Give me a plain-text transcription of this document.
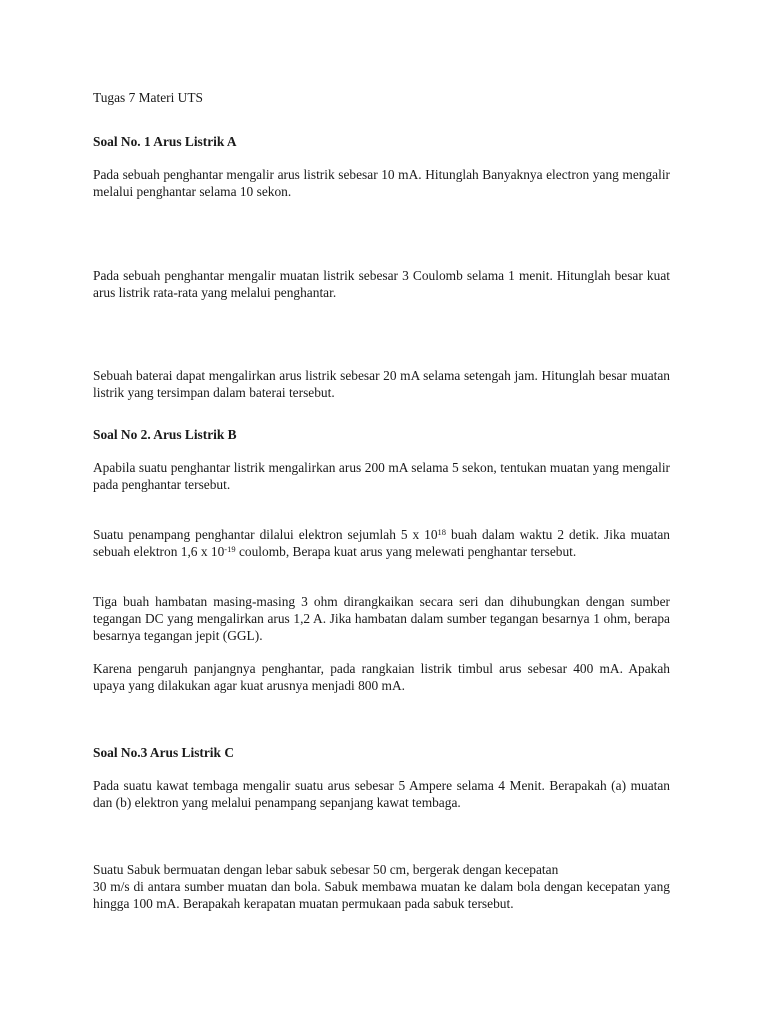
Tugas 7 Materi UTS

Soal No. 1 Arus Listrik A

Pada sebuah penghantar mengalir arus listrik sebesar 10 mA. Hitunglah Banyaknya electron yang mengalir melalui penghantar selama 10 sekon.

Pada sebuah penghantar mengalir muatan listrik sebesar 3 Coulomb selama 1 menit. Hitunglah besar kuat arus listrik rata-rata yang melalui penghantar.

Sebuah baterai dapat mengalirkan arus listrik sebesar 20 mA selama setengah jam. Hitunglah besar muatan listrik yang tersimpan dalam baterai tersebut.

Soal No 2. Arus Listrik B

Apabila suatu penghantar listrik mengalirkan arus 200 mA selama 5 sekon, tentukan muatan yang mengalir pada penghantar tersebut.

Suatu penampang penghantar dilalui elektron sejumlah 5 x $10^{18}$ buah dalam waktu 2 detik. Jika muatan sebuah elektron 1,6 x $10^{-19}$ coulomb, Berapa kuat arus yang melewati penghantar tersebut.

Tiga buah hambatan masing-masing 3 ohm dirangkaikan secara seri dan dihubungkan dengan sumber tegangan DC yang mengalirkan arus 1,2 A. Jika hambatan dalam sumber tegangan besarnya 1 ohm, berapa besarnya tegangan jepit (GGL).

Karena pengaruh panjangnya penghantar, pada rangkaian listrik timbul arus sebesar 400 mA. Apakah upaya yang dilakukan agar kuat arusnya menjadi 800 mA.

Soal No.3 Arus Listrik C

Pada suatu kawat tembaga mengalir suatu arus sebesar 5 Ampere selama 4 Menit. Berapakah (a) muatan dan (b) elektron yang melalui penampang sepanjang kawat tembaga.

Suatu Sabuk bermuatan dengan lebar sabuk sebesar 50 cm, bergerak dengan kecepatan
30 m/s di antara sumber muatan dan bola. Sabuk membawa muatan ke dalam bola dengan kecepatan yang hingga 100 mA. Berapakah kerapatan muatan permukaan pada sabuk tersebut.
